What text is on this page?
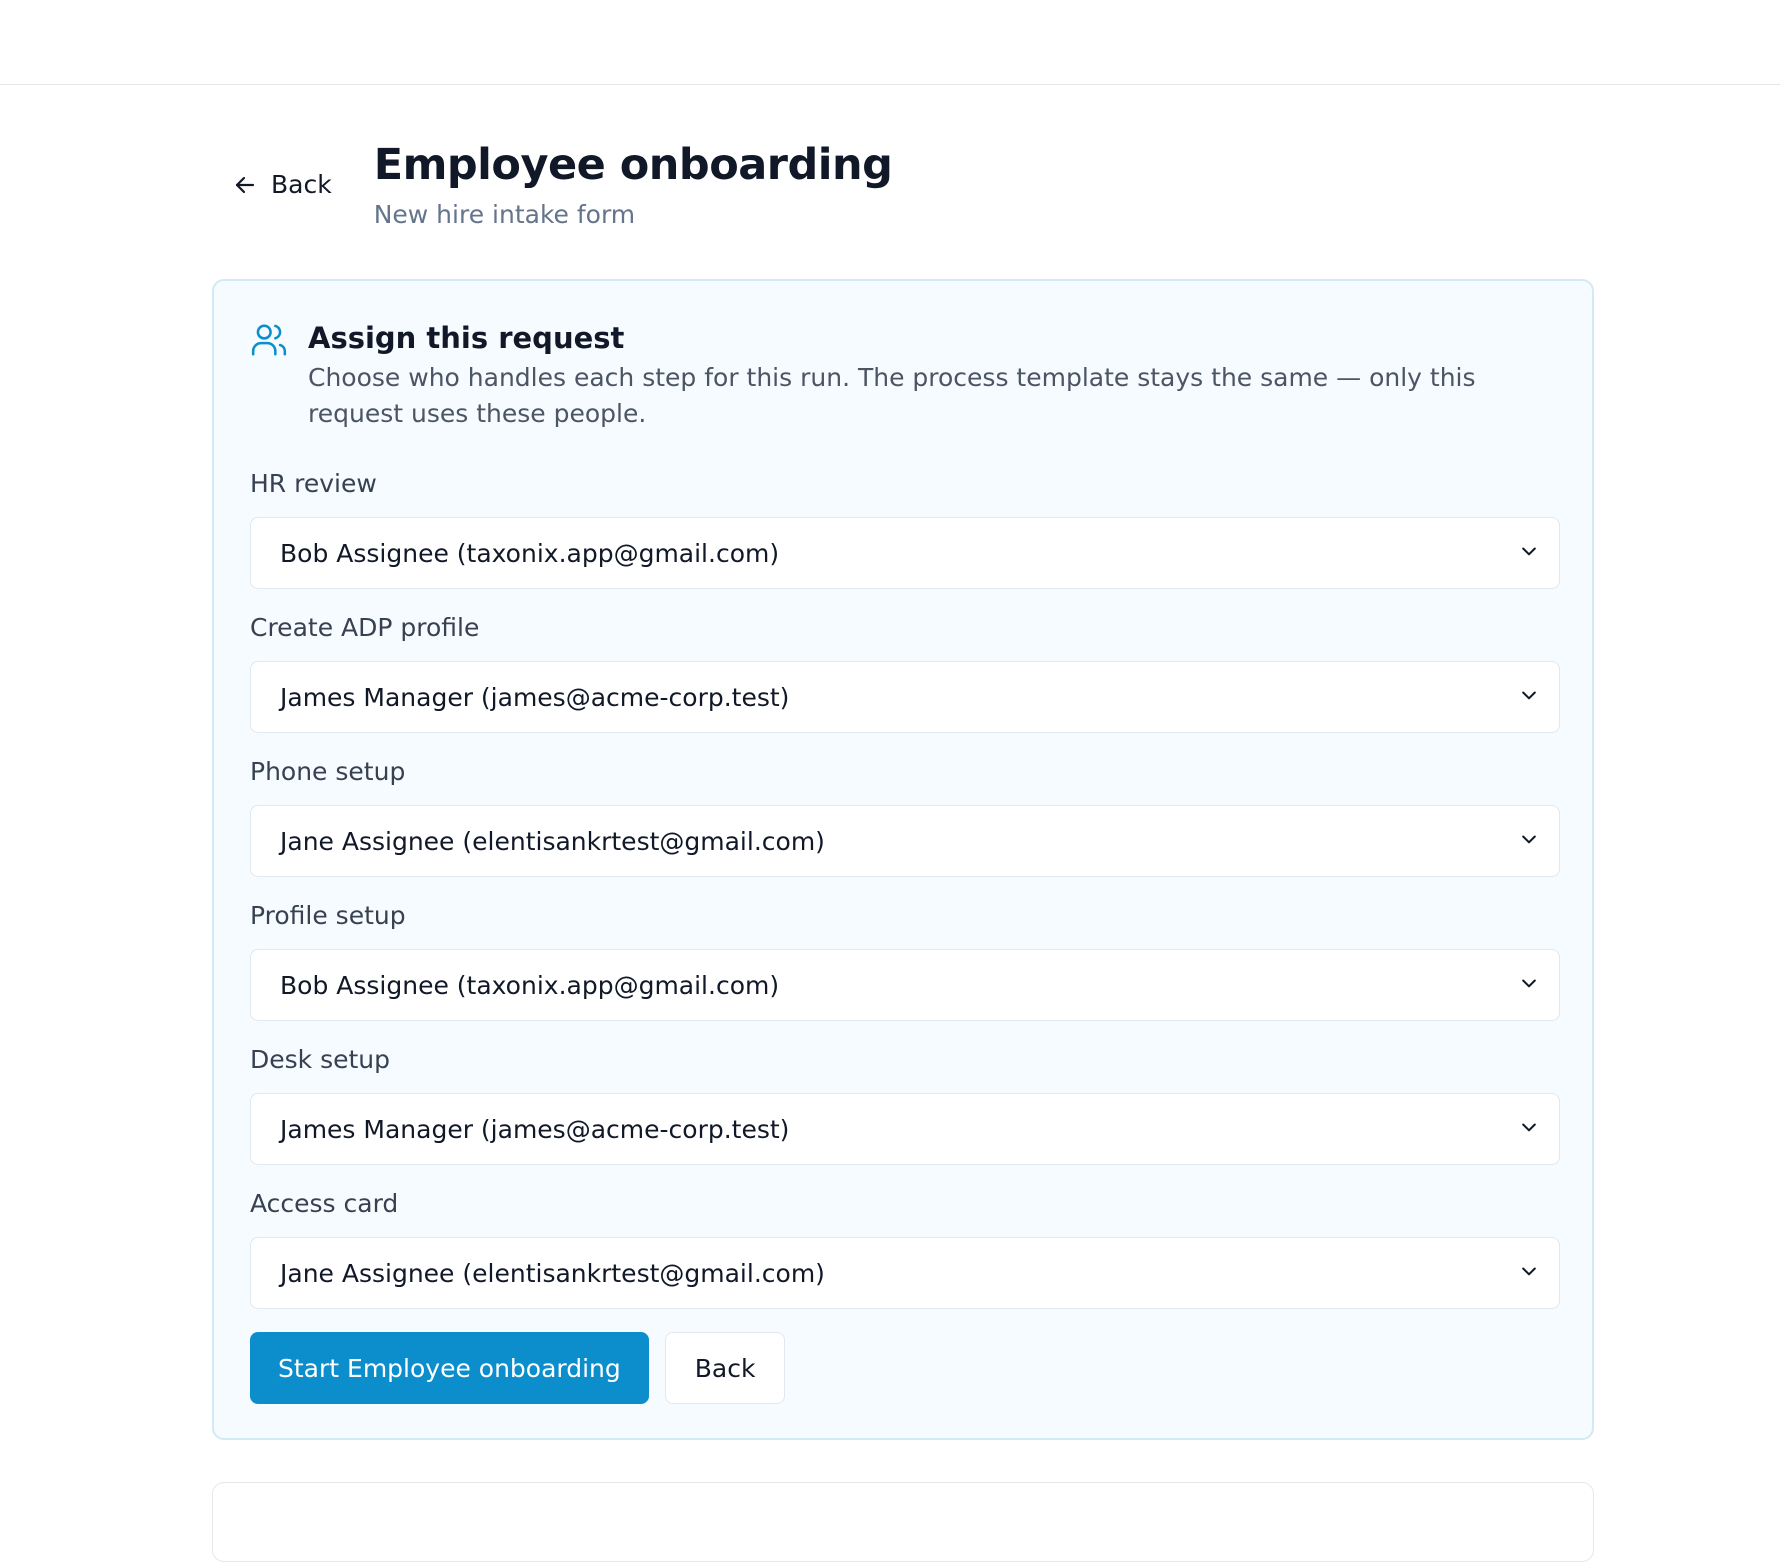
Back Employee onboarding
New hire intake form
Assign this request
Choose who handles each step for this run. The process template stays the same — only this request uses these people.
HR review
Bob Assignee (taxonix.app@gmail.com)
Create ADP profile
James Manager (james@acme-corp.test)
Phone setup
Jane Assignee (elentisankrtest@gmail.com)
Profile setup
Bob Assignee (taxonix.app@gmail.com)
Desk setup
James Manager (james@acme-corp.test)
Access card
Jane Assignee (elentisankrtest@gmail.com)
Start Employee onboarding	Back
